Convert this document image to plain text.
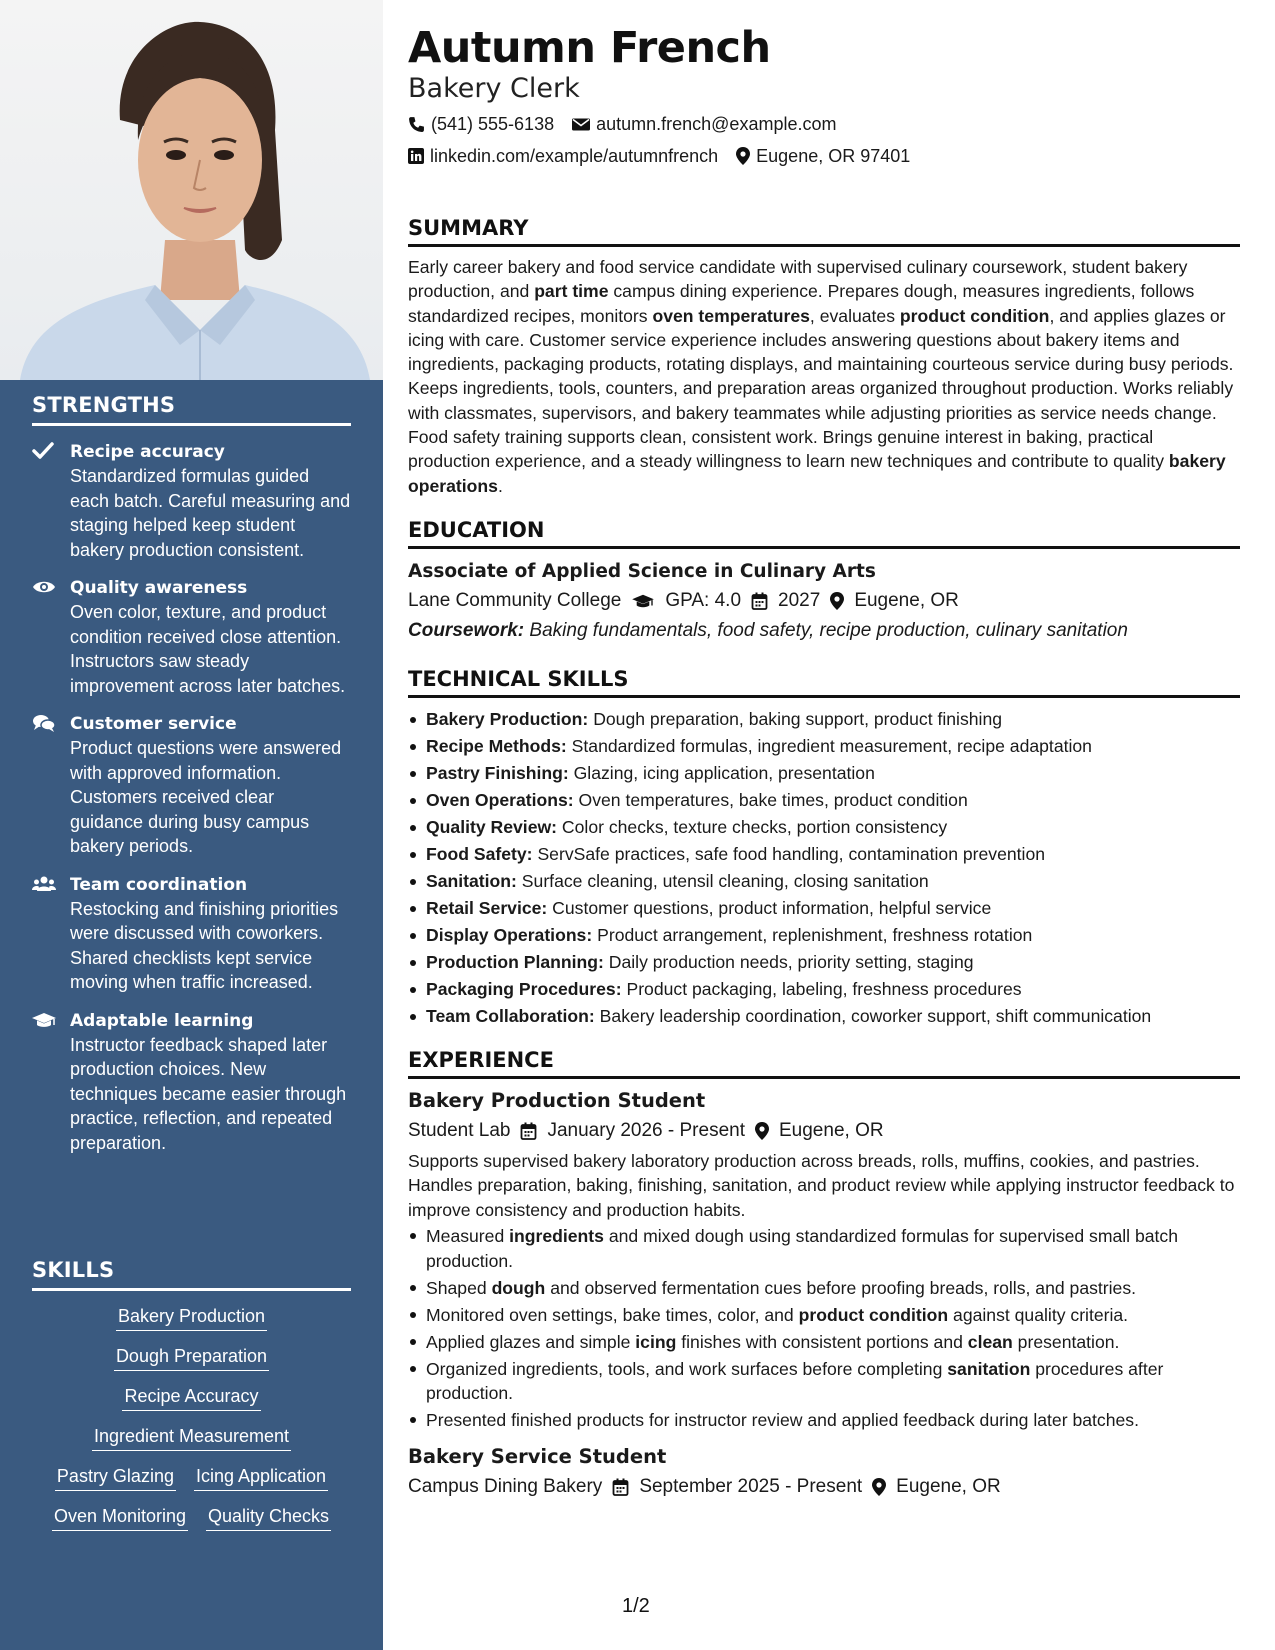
STRENGTHS
Recipe accuracy
Standardized formulas guided each batch. Careful measuring and staging helped keep student bakery production consistent.
Quality awareness
Oven color, texture, and product condition received close attention. Instructors saw steady improvement across later batches.
Customer service
Product questions were answered with approved information. Customers received clear guidance during busy campus bakery periods.
Team coordination
Restocking and finishing priorities were discussed with coworkers. Shared checklists kept service moving when traffic increased.
Adaptable learning
Instructor feedback shaped later production choices. New techniques became easier through practice, reflection, and repeated preparation.
SKILLS
Bakery Production
Dough Preparation
Recipe Accuracy
Ingredient Measurement
Pastry Glazing Icing Application
Oven Monitoring Quality Checks
Autumn French
Bakery Clerk
(541) 555-6138 autumn.french@example.com
linkedin.com/example/autumnfrench Eugene, OR 97401
SUMMARY

Early career bakery and food service candidate with supervised culinary coursework, student bakery production, and part time campus dining experience. Prepares dough, measures ingredients, follows standardized recipes, monitors oven temperatures, evaluates product condition, and applies glazes or icing with care. Customer service experience includes answering questions about bakery items and ingredients, packaging products, rotating displays, and maintaining courteous service during busy periods. Keeps ingredients, tools, counters, and preparation areas organized throughout production. Works reliably with classmates, supervisors, and bakery teammates while adjusting priorities as service needs change. Food safety training supports clean, consistent work. Brings genuine interest in baking, practical production experience, and a steady willingness to learn new techniques and contribute to quality bakery operations.

EDUCATION
Associate of Applied Science in Culinary Arts
Lane Community College GPA: 4.0 2027 Eugene, OR
Coursework: Baking fundamentals, food safety, recipe production, culinary sanitation
TECHNICAL SKILLS
Bakery Production: Dough preparation, baking support, product finishing
Recipe Methods: Standardized formulas, ingredient measurement, recipe adaptation
Pastry Finishing: Glazing, icing application, presentation
Oven Operations: Oven temperatures, bake times, product condition
Quality Review: Color checks, texture checks, portion consistency
Food Safety: ServSafe practices, safe food handling, contamination prevention
Sanitation: Surface cleaning, utensil cleaning, closing sanitation
Retail Service: Customer questions, product information, helpful service
Display Operations: Product arrangement, replenishment, freshness rotation
Production Planning: Daily production needs, priority setting, staging
Packaging Procedures: Product packaging, labeling, freshness procedures
Team Collaboration: Bakery leadership coordination, coworker support, shift communication
EXPERIENCE
Bakery Production Student
Student Lab January 2026 - Present Eugene, OR

Supports supervised bakery laboratory production across breads, rolls, muffins, cookies, and pastries. Handles preparation, baking, finishing, sanitation, and product review while applying instructor feedback to improve consistency and production habits.

Measured ingredients and mixed dough using standardized formulas for supervised small batch production.
Shaped dough and observed fermentation cues before proofing breads, rolls, and pastries.
Monitored oven settings, bake times, color, and product condition against quality criteria.
Applied glazes and simple icing finishes with consistent portions and clean presentation.
Organized ingredients, tools, and work surfaces before completing sanitation procedures after production.
Presented finished products for instructor review and applied feedback during later batches.
Bakery Service Student
Campus Dining Bakery September 2025 - Present Eugene, OR
1/2
